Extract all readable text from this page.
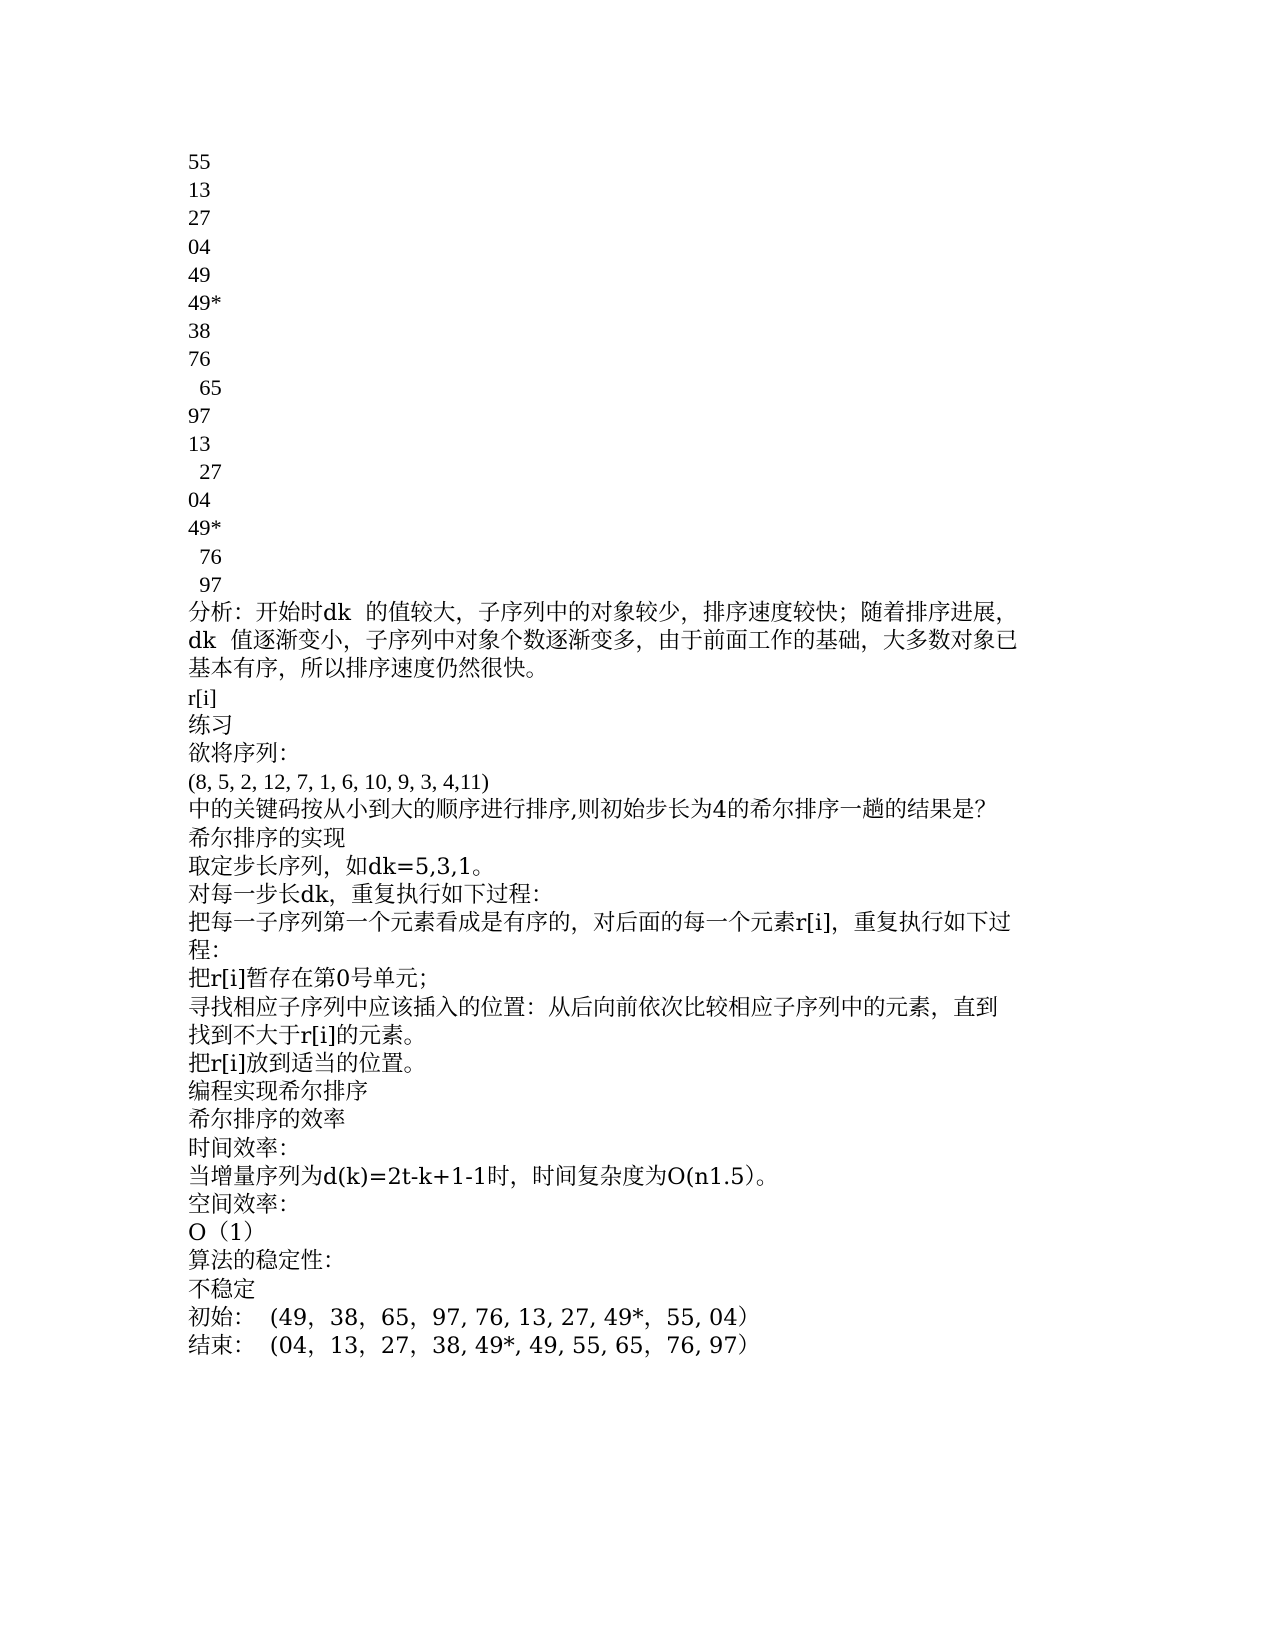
55
13
27
04
49
49*
38
76
65
97
13
27
04
49*
76
97
分析：开始时dk  的值较大，子序列中的对象较少，排序速度较快；随着排序进展，
dk  值逐渐变小，子序列中对象个数逐渐变多，由于前面工作的基础，大多数对象已
基本有序，所以排序速度仍然很快。
r[i]
练习
欲将序列：
(8, 5, 2, 12, 7, 1, 6, 10, 9, 3, 4,11)
中的关键码按从小到大的顺序进行排序,则初始步长为4的希尔排序一趟的结果是？
希尔排序的实现
取定步长序列，如dk=5,3,1。
对每一步长dk，重复执行如下过程：
把每一子序列第一个元素看成是有序的，对后面的每一个元素r[i]，重复执行如下过
程：
把r[i]暂存在第0号单元；
寻找相应子序列中应该插入的位置：从后向前依次比较相应子序列中的元素，直到
找到不大于r[i]的元素。
把r[i]放到适当的位置。
编程实现希尔排序
希尔排序的效率
时间效率：
当增量序列为d(k)=2t-k+1-1时，时间复杂度为O(n1.5）。
空间效率：
O（1）
算法的稳定性：
不稳定
初始：  (49，38，65，97, 76, 13, 27, 49*，55, 04）
结束：  (04，13，27，38, 49*, 49, 55, 65，76, 97）
